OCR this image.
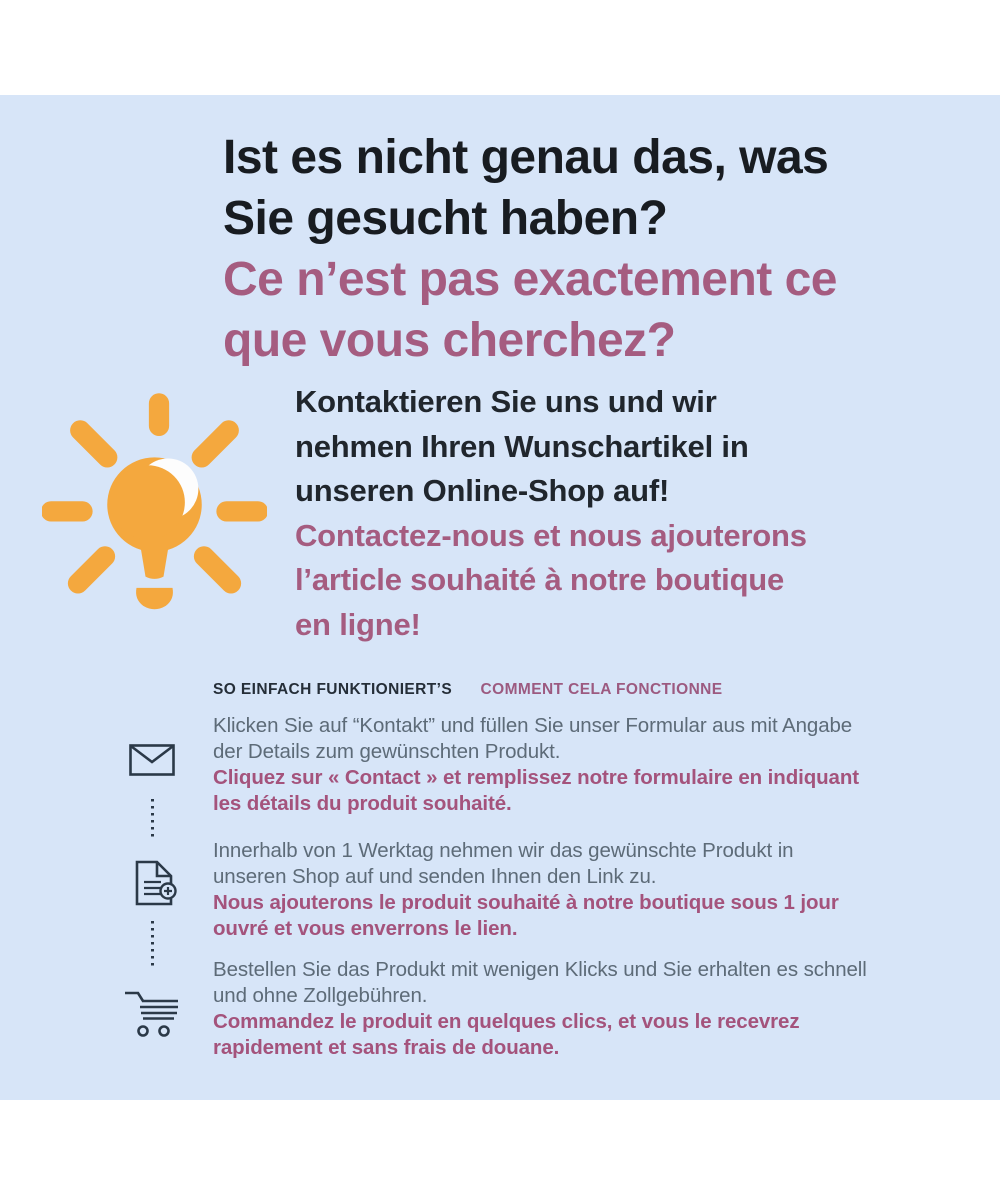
Ist es nicht genau das, was
Sie gesucht haben?
Ce n’est pas exactement ce
que vous cherchez?
Kontaktieren Sie uns und wir
nehmen Ihren Wunschartikel in
unseren Online-Shop auf!
Contactez-nous et nous ajouterons
l’article souhaité à notre boutique
en ligne!
SO EINFACH FUNKTIONIERT’S COMMENT CELA FONCTIONNE
Klicken Sie auf “Kontakt” und füllen Sie unser Formular aus mit Angabe
der Details zum gewünschten Produkt.
Cliquez sur « Contact » et remplissez notre formulaire en indiquant
les détails du produit souhaité.
Innerhalb von 1 Werktag nehmen wir das gewünschte Produkt in
unseren Shop auf und senden Ihnen den Link zu.
Nous ajouterons le produit souhaité à notre boutique sous 1 jour
ouvré et vous enverrons le lien.
Bestellen Sie das Produkt mit wenigen Klicks und Sie erhalten es schnell
und ohne Zollgebühren.
Commandez le produit en quelques clics, et vous le recevrez
rapidement et sans frais de douane.
